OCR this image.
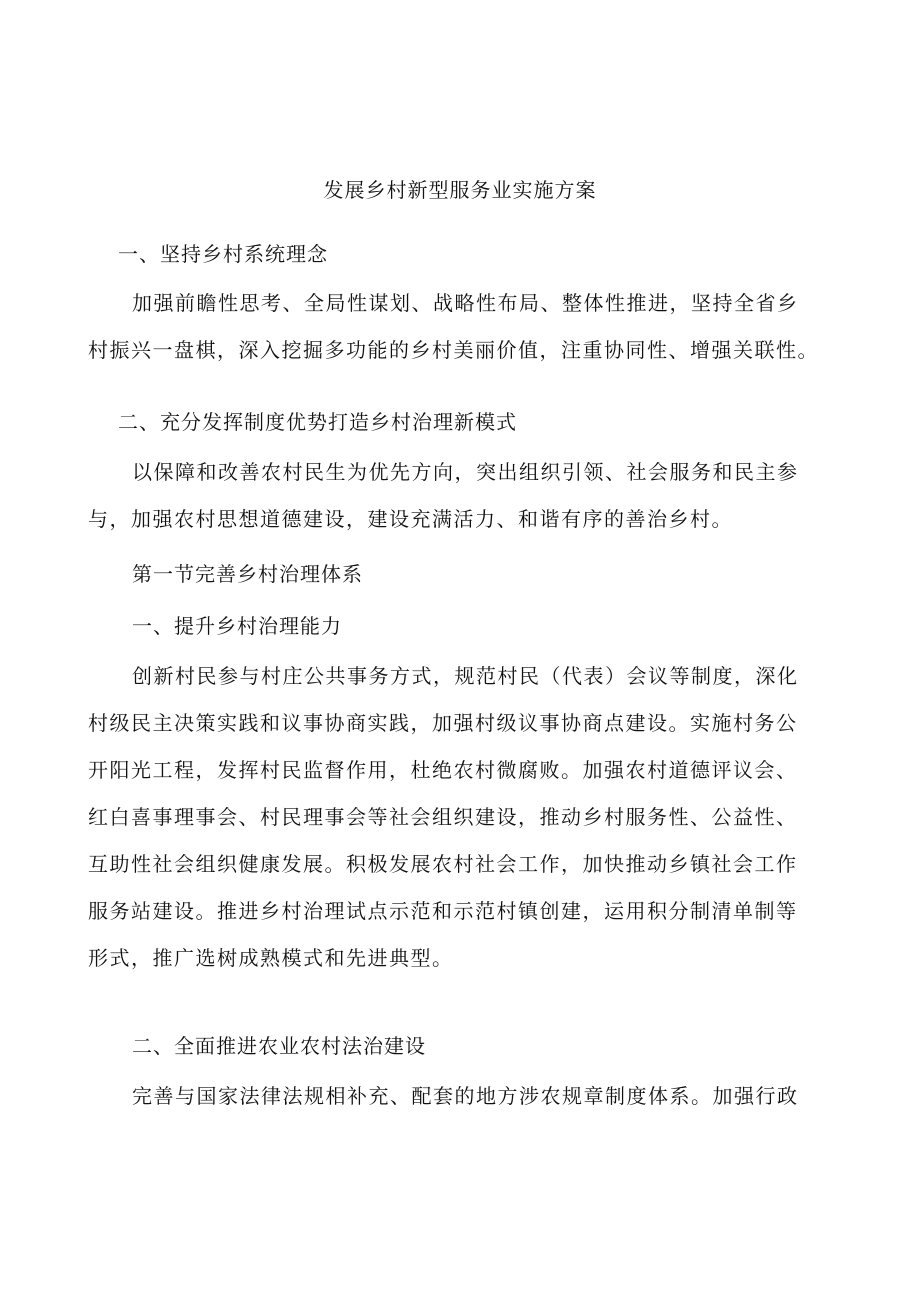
发展乡村新型服务业实施方案
一、坚持乡村系统理念
加强前瞻性思考、全局性谋划、战略性布局、整体性推进，坚持全省乡
村振兴一盘棋，深入挖掘多功能的乡村美丽价值，注重协同性、增强关联性。
二、充分发挥制度优势打造乡村治理新模式
以保障和改善农村民生为优先方向，突出组织引领、社会服务和民主参
与，加强农村思想道德建设，建设充满活力、和谐有序的善治乡村。
第一节完善乡村治理体系
一、提升乡村治理能力
创新村民参与村庄公共事务方式，规范村民（代表）会议等制度，深化
村级民主决策实践和议事协商实践，加强村级议事协商点建设。实施村务公
开阳光工程，发挥村民监督作用，杜绝农村微腐败。加强农村道德评议会、
红白喜事理事会、村民理事会等社会组织建设，推动乡村服务性、公益性、
互助性社会组织健康发展。积极发展农村社会工作，加快推动乡镇社会工作
服务站建设。推进乡村治理试点示范和示范村镇创建，运用积分制清单制等
形式，推广选树成熟模式和先进典型。
二、全面推进农业农村法治建设
完善与国家法律法规相补充、配套的地方涉农规章制度体系。加强行政
